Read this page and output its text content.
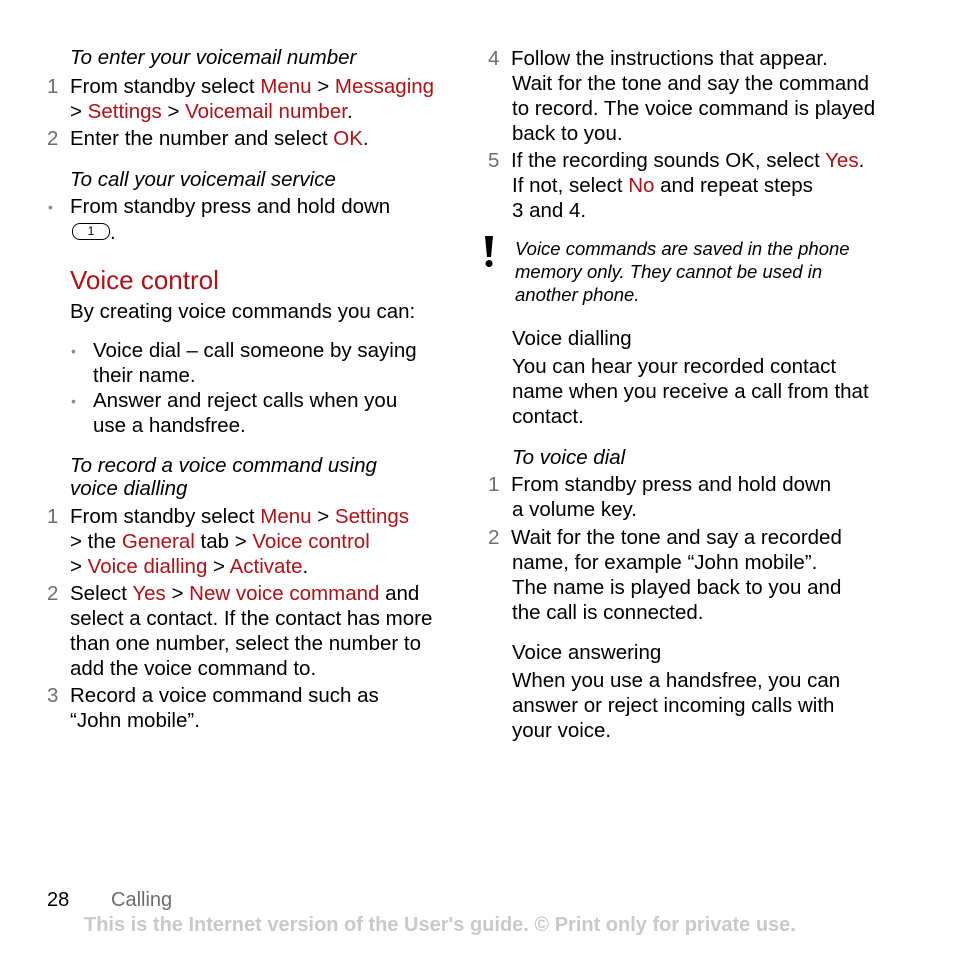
To enter your voicemail number
1 From standby select Menu > Messaging
> Settings > Voicemail number.
2 Enter the number and select OK.
To call your voicemail service
• From standby press and hold down
1 .
Voice control
By creating voice commands you can:
• Voice dial – call someone by saying
their name.
• Answer and reject calls when you
use a handsfree.
To record a voice command using
voice dialling
1 From standby select Menu > Settings
> the General tab > Voice control
> Voice dialling > Activate.
2 Select Yes > New voice command and
select a contact. If the contact has more
than one number, select the number to
add the voice command to.
3 Record a voice command such as
“John mobile”.
4 Follow the instructions that appear.
Wait for the tone and say the command
to record. The voice command is played
back to you.
5 If the recording sounds OK, select Yes.
If not, select No and repeat steps
3 and 4.
Voice commands are saved in the phone
memory only. They cannot be used in
another phone.
Voice dialling
You can hear your recorded contact
name when you receive a call from that
contact.
To voice dial
1 From standby press and hold down
a volume key.
2 Wait for the tone and say a recorded
name, for example “John mobile”.
The name is played back to you and
the call is connected.
Voice answering
When you use a handsfree, you can
answer or reject incoming calls with
your voice.
28 Calling
This is the Internet version of the User's guide. © Print only for private use.
